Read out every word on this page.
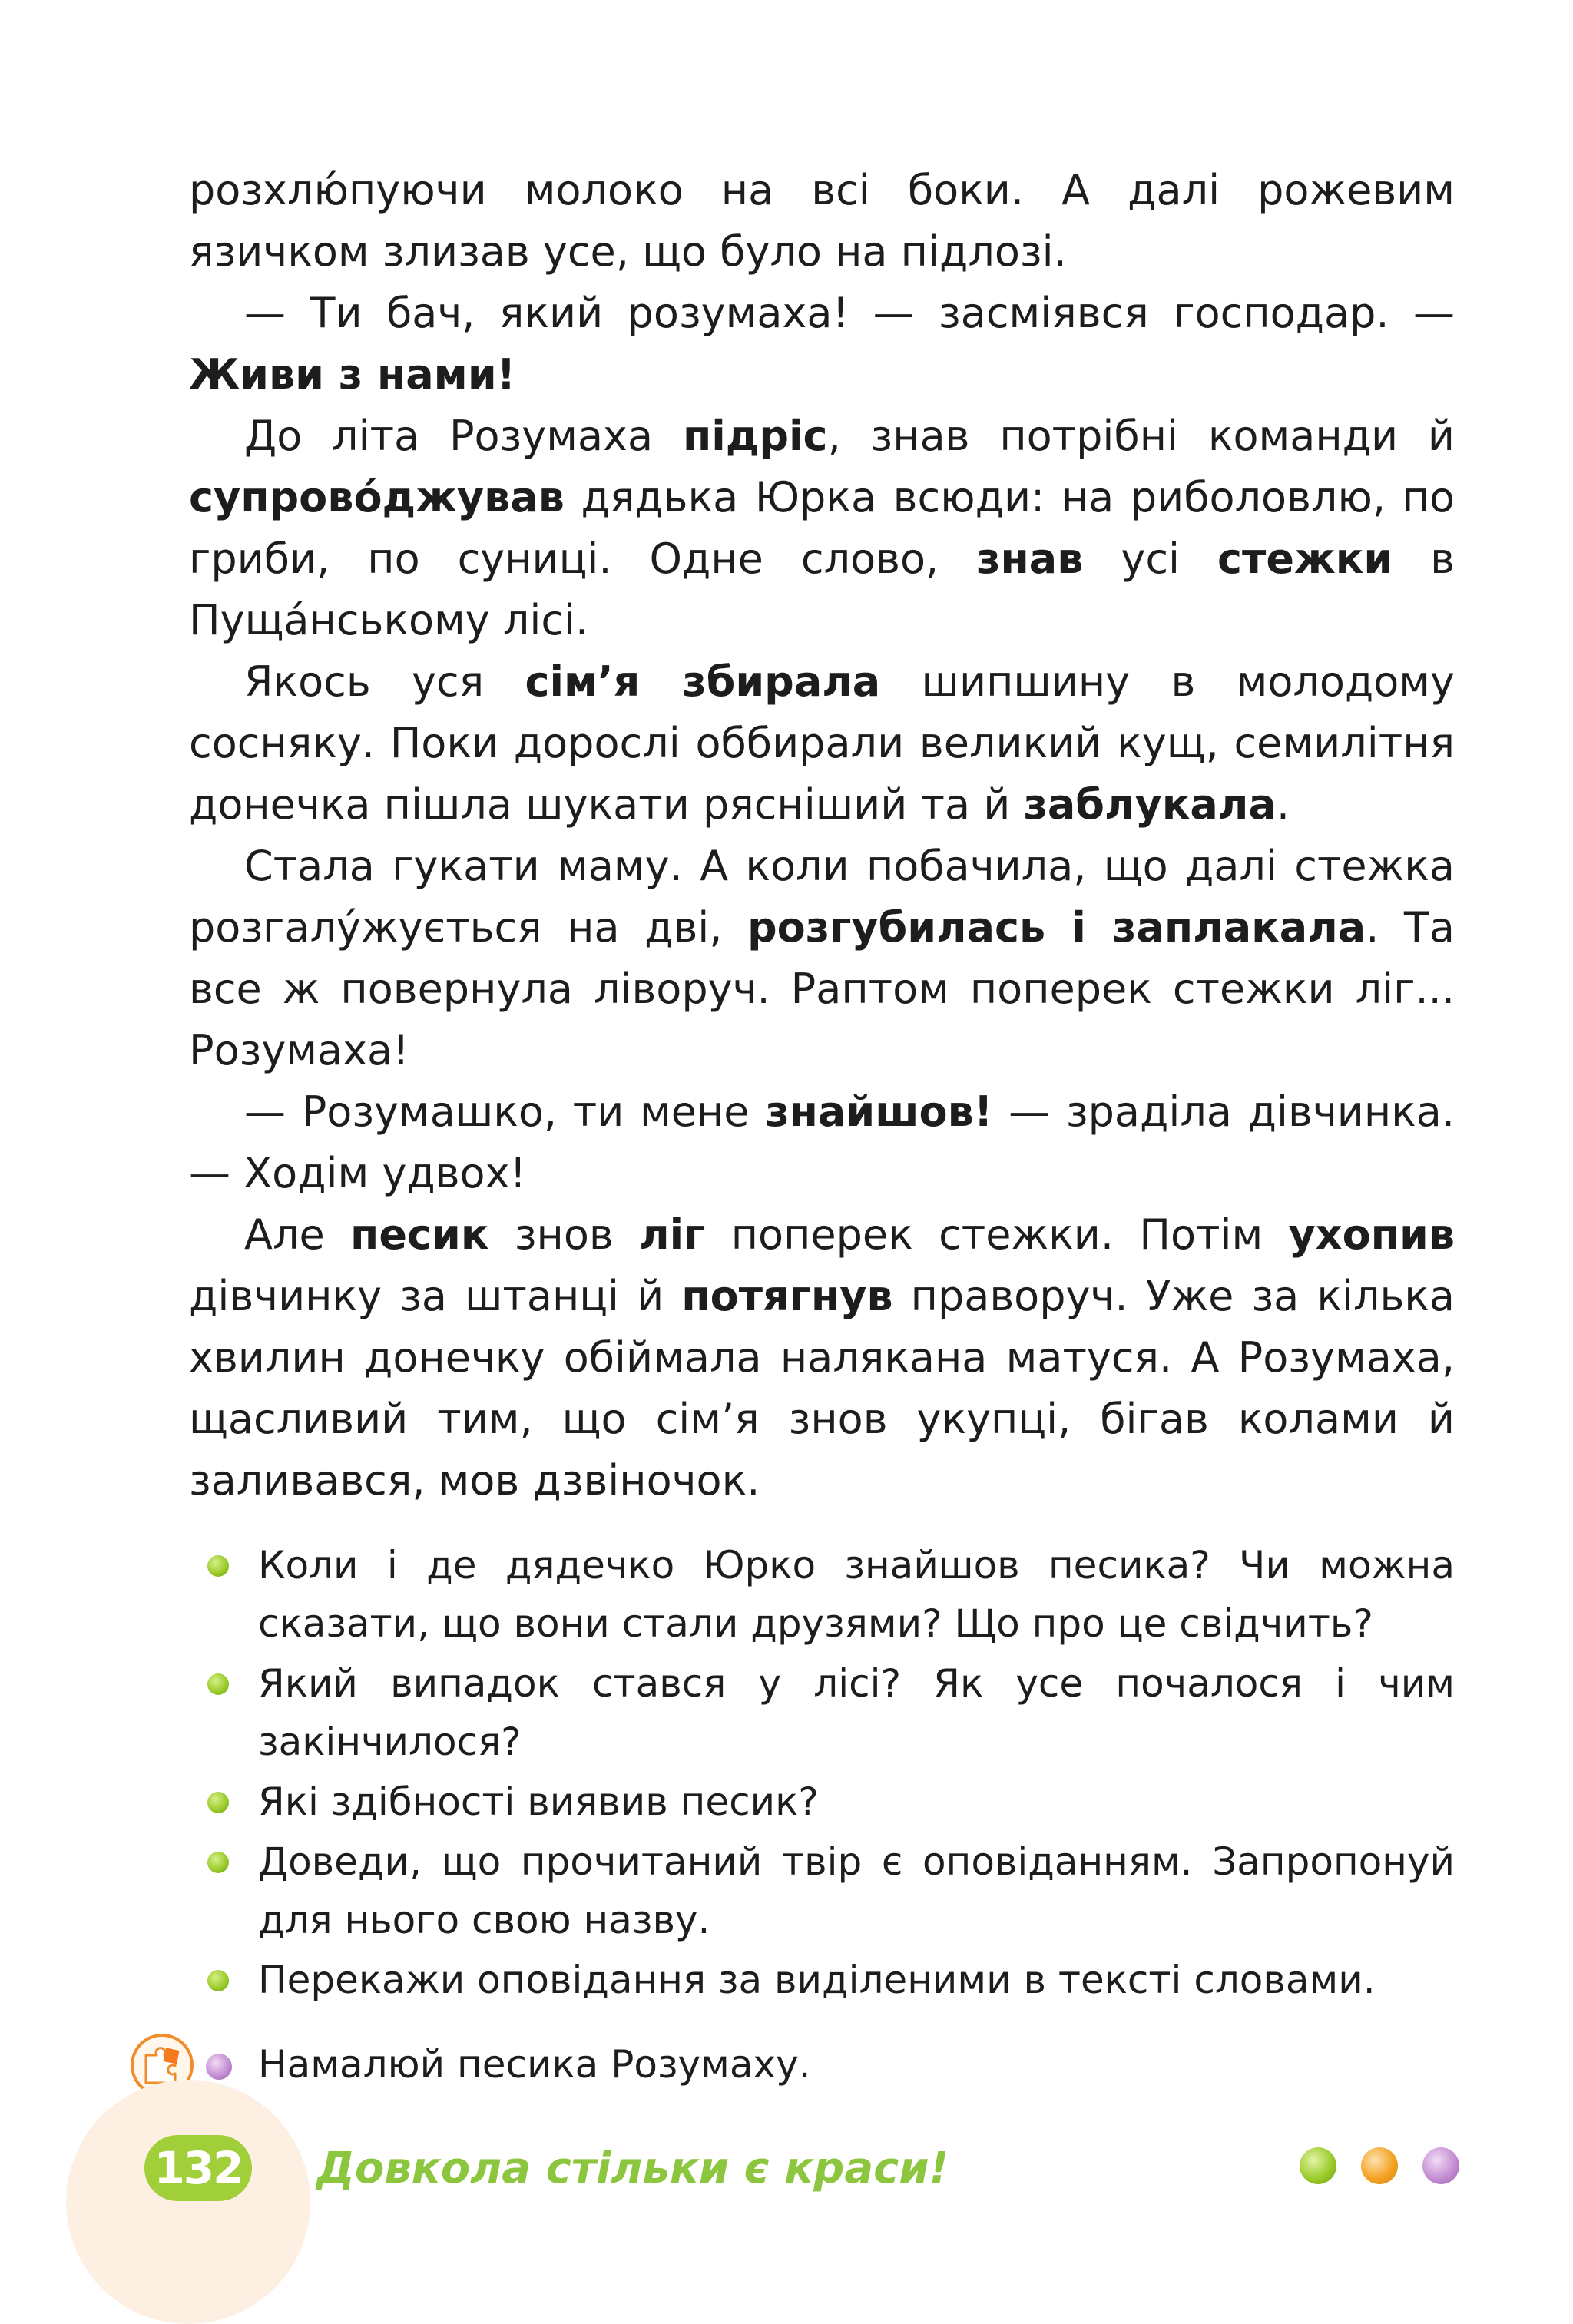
розхлю́пуючи молоко на всі боки. А далі рожевим язичком злизав усе, що було на підлозі.

— Ти бач, який розумаха! — засміявся господар. — Живи з нами!

До літа Розумаха підріс, знав потрібні команди й супрово́джував дядька Юрка всюди: на риболовлю, по гриби, по суниці. Одне слово, знав усі стежки в Пуща́нському лісі.

Якось уся сім’я збирала шипшину в молодому сосняку. Поки дорослі оббирали великий кущ, семилітня донечка пішла шукати рясніший та й заблукала.

Стала гукати маму. А коли побачила, що далі стежка розгалу́жується на дві, розгубилась і заплакала. Та все ж повернула ліворуч. Раптом поперек стежки ліг... Розумаха!

— Розумашко, ти мене знайшов! — зраділа дівчинка. — Ходім удвох!

Але песик знов ліг поперек стежки. Потім ухопив дівчинку за штанці й потягнув праворуч. Уже за кілька хвилин донечку обіймала налякана матуся. А Розумаха, щасливий тим, що сім’я знов укупці, бігав колами й заливався, мов дзвіночок.

Коли і де дядечко Юрко знайшов песика? Чи можна сказати, що вони стали друзями? Що про це свідчить?
Який випадок стався у лісі? Як усе почалося і чим закінчилося?
Які здібності виявив песик?
Доведи, що прочитаний твір є оповіданням. Запропонуй для нього свою назву.
Перекажи оповідання за виділеними в тексті словами.
Намалюй песика Розумаху.
132 Довкола стільки є краси!
